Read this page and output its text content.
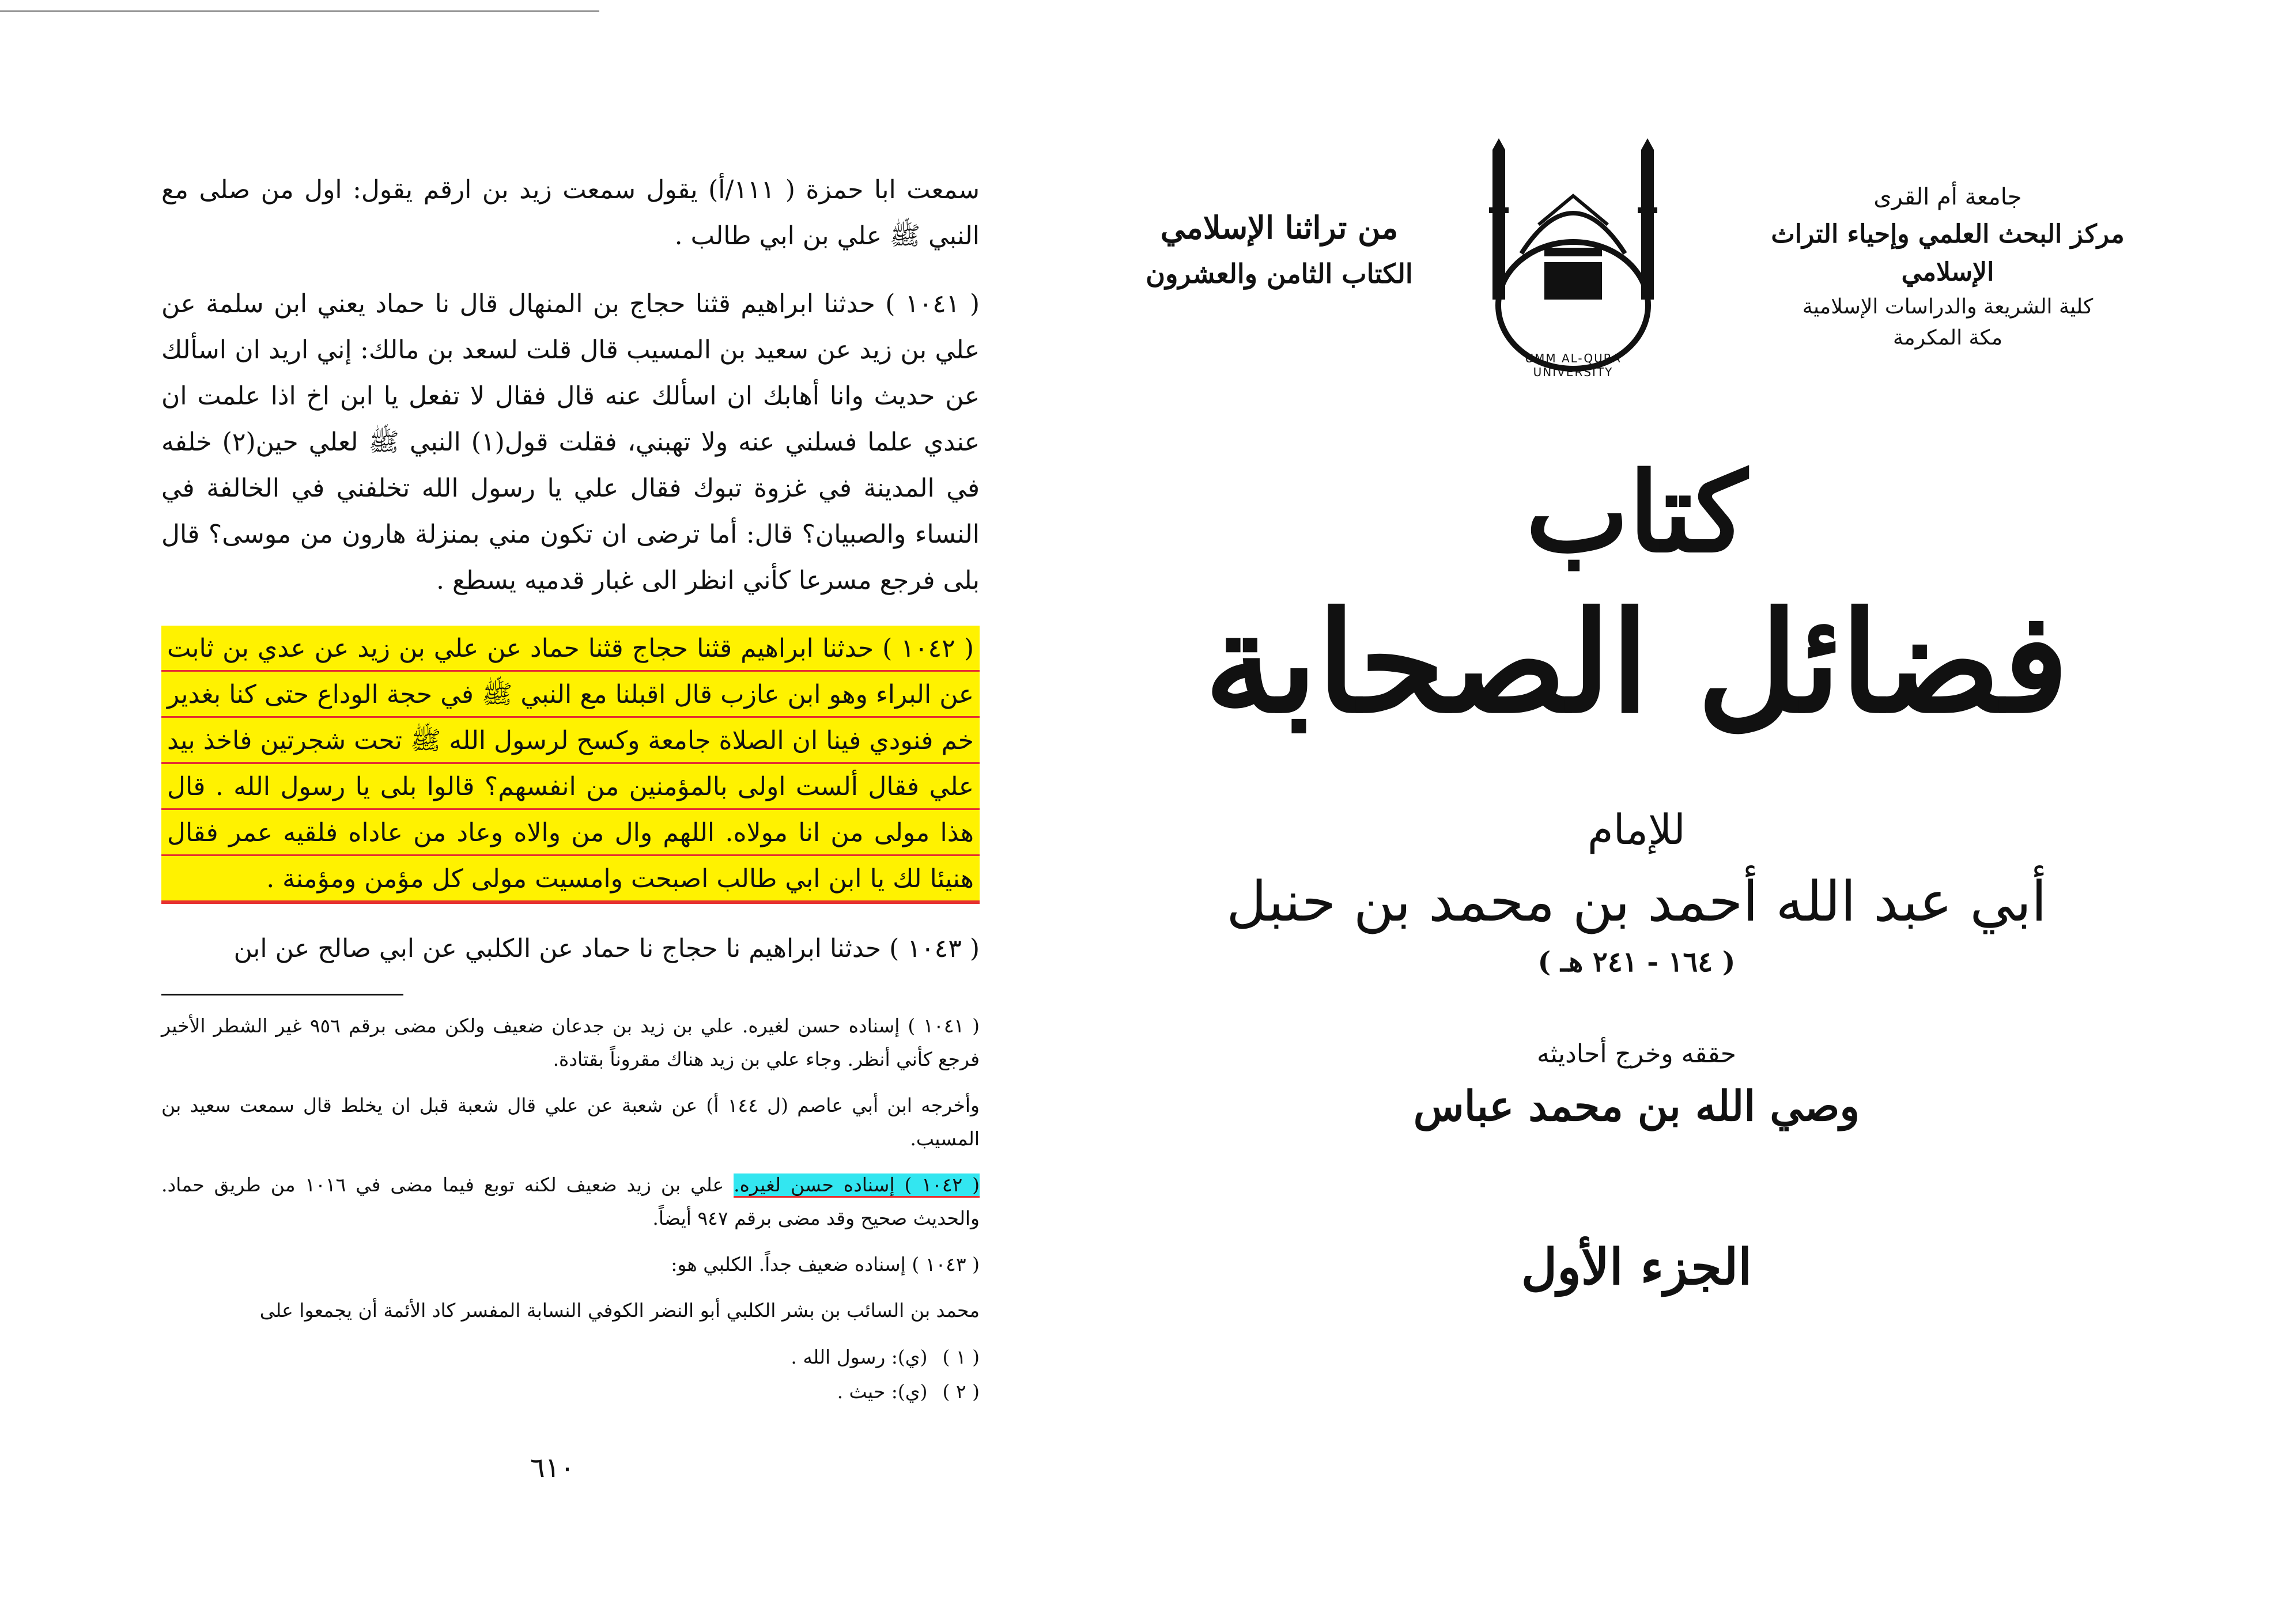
سمعت ابا حمزة ( ١١١/أ) يقول سمعت زيد بن ارقم يقول: اول من صلى مع النبي ﷺ علي بن ابي طالب .

( ١٠٤١ ) حدثنا ابراهيم قثنا حجاج بن المنهال قال نا حماد يعني ابن سلمة عن علي بن زيد عن سعيد بن المسيب قال قلت لسعد بن مالك: إني اريد ان اسألك عن حديث وانا أهابك ان اسألك عنه قال فقال لا تفعل يا ابن اخ اذا علمت ان عندي علما فسلني عنه ولا تهبني، فقلت قول(١) النبي ﷺ لعلي حين(٢) خلفه في المدينة في غزوة تبوك فقال علي يا رسول الله تخلفني في الخالفة في النساء والصبيان؟ قال: أما ترضى ان تكون مني بمنزلة هارون من موسى؟ قال بلى فرجع مسرعا كأني انظر الى غبار قدميه يسطع .

( ١٠٤٢ ) حدثنا ابراهيم قثنا حجاج قثنا حماد عن علي بن زيد عن عدي بن ثابت عن البراء وهو ابن عازب قال اقبلنا مع النبي ﷺ في حجة الوداع حتى كنا بغدير خم فنودي فينا ان الصلاة جامعة وكسح لرسول الله ﷺ تحت شجرتين فاخذ بيد علي فقال ألست اولى بالمؤمنين من انفسهم؟ قالوا بلى يا رسول الله . قال هذا مولى من انا مولاه. اللهم وال من والاه وعاد من عاداه فلقيه عمر فقال هنيئا لك يا ابن ابي طالب اصبحت وامسيت مولى كل مؤمن ومؤمنة .

( ١٠٤٣ ) حدثنا ابراهيم نا حجاج نا حماد عن الكلبي عن ابي صالح عن ابن

( ١٠٤١ ) إسناده حسن لغيره. علي بن زيد بن جدعان ضعيف ولكن مضى برقم ٩٥٦ غير الشطر الأخير فرجع كأني أنظر. وجاء علي بن زيد هناك مقروناً بقتادة.

وأخرجه ابن أبي عاصم (ل ١٤٤ أ) عن شعبة عن علي قال شعبة قبل ان يخلط قال سمعت سعيد بن المسيب.

( ١٠٤٢ ) إسناده حسن لغيره. علي بن زيد ضعيف لكنه توبع فيما مضى في ١٠١٦ من طريق حماد. والحديث صحيح وقد مضى برقم ٩٤٧ أيضاً.

( ١٠٤٣ ) إسناده ضعيف جداً. الكلبي هو:

محمد بن السائب بن بشر الكلبي أبو النضر الكوفي النسابة المفسر كاد الأئمة أن يجمعوا على

( ١ ) (ي): رسول الله .
( ٢ ) (ي): حيث .
٦١٠
جامعة أم القرى
مركز البحث العلمي وإحياء التراث الإسلامي
كلية الشريعة والدراسات الإسلامية
مكة المكرمة
UMM AL-QURA UNIVERSITY
من تراثنا الإسلامي
الكتاب الثامن والعشرون
كتاب
فضائل الصحابة
للإمام
أبي عبد الله أحمد بن محمد بن حنبل
( ١٦٤ - ٢٤١ هـ )
حققه وخرج أحاديثه
وصي الله بن محمد عباس
الجزء الأول
